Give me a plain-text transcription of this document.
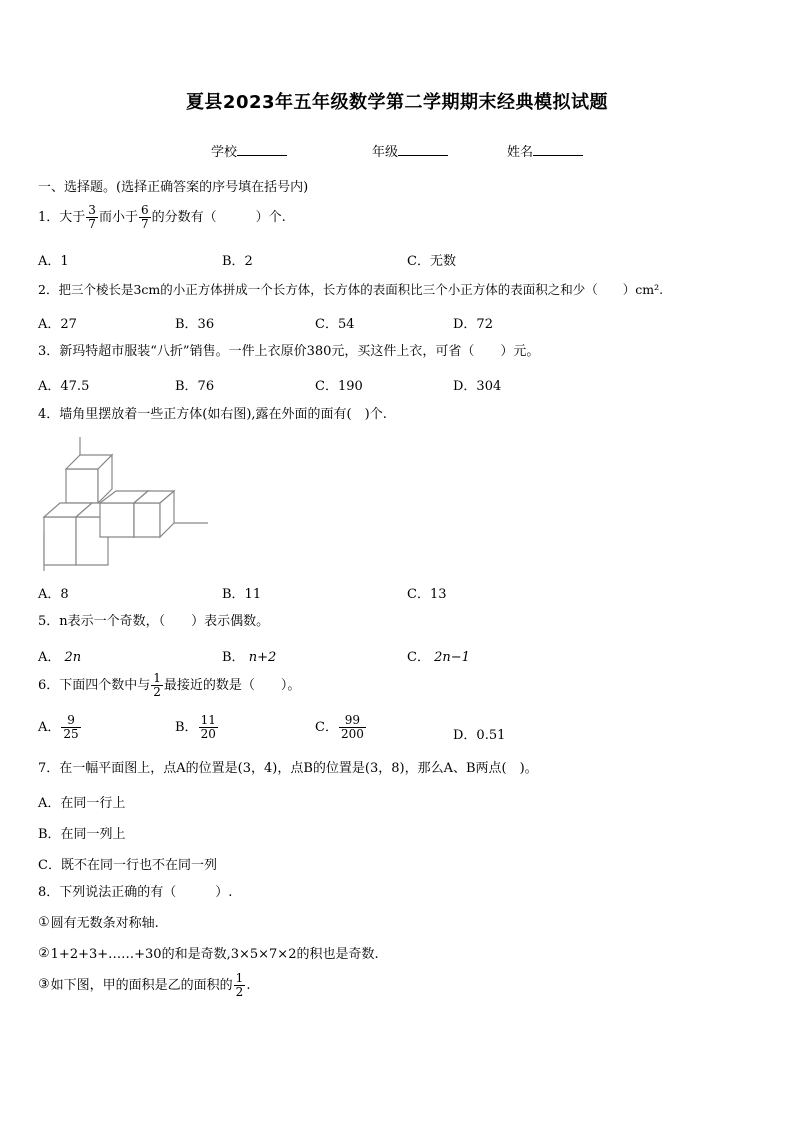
夏县2023年五年级数学第二学期期末经典模拟试题
学校	年级	姓名
一、选择题。(选择正确答案的序号填在括号内)
1．大于 $\frac{3}{7}$ 而小于 $\frac{6}{7}$ 的分数有（　　　）个.
A．1	B．2	C．无数
2．把三个棱长是3cm的小正方体拼成一个长方体，长方体的表面积比三个小正方体的表面积之和少（　　）cm².
A．27	B．36	C．54	D．72
3．新玛特超市服装“八折”销售。一件上衣原价380元，买这件上衣，可省（　　）元。
A．47.5	B．76	C．190	D．304
4．墙角里摆放着一些正方体(如右图),露在外面的面有(　)个.
A．8	B．11	C．13
5．n表示一个奇数，（　　）表示偶数。
A． 2n	B． n+2	C． 2n−1
6．下面四个数中与 $\frac{1}{2}$ 最接近的数是（　　）。
A． $\frac{9}{25}$	B． $\frac{11}{20}$	C． $\frac{99}{200}$	D．0.51
7．在一幅平面图上，点A的位置是(3，4)，点B的位置是(3，8)，那么A、B两点(　)。
A．在同一行上
B．在同一列上
C．既不在同一行也不在同一列
8．下列说法正确的有（　　　）.
①圆有无数条对称轴.
②1+2+3+……+30的和是奇数,3×5×7×2的积也是奇数.
③如下图，甲的面积是乙的面积的 $\frac{1}{2}$ .
